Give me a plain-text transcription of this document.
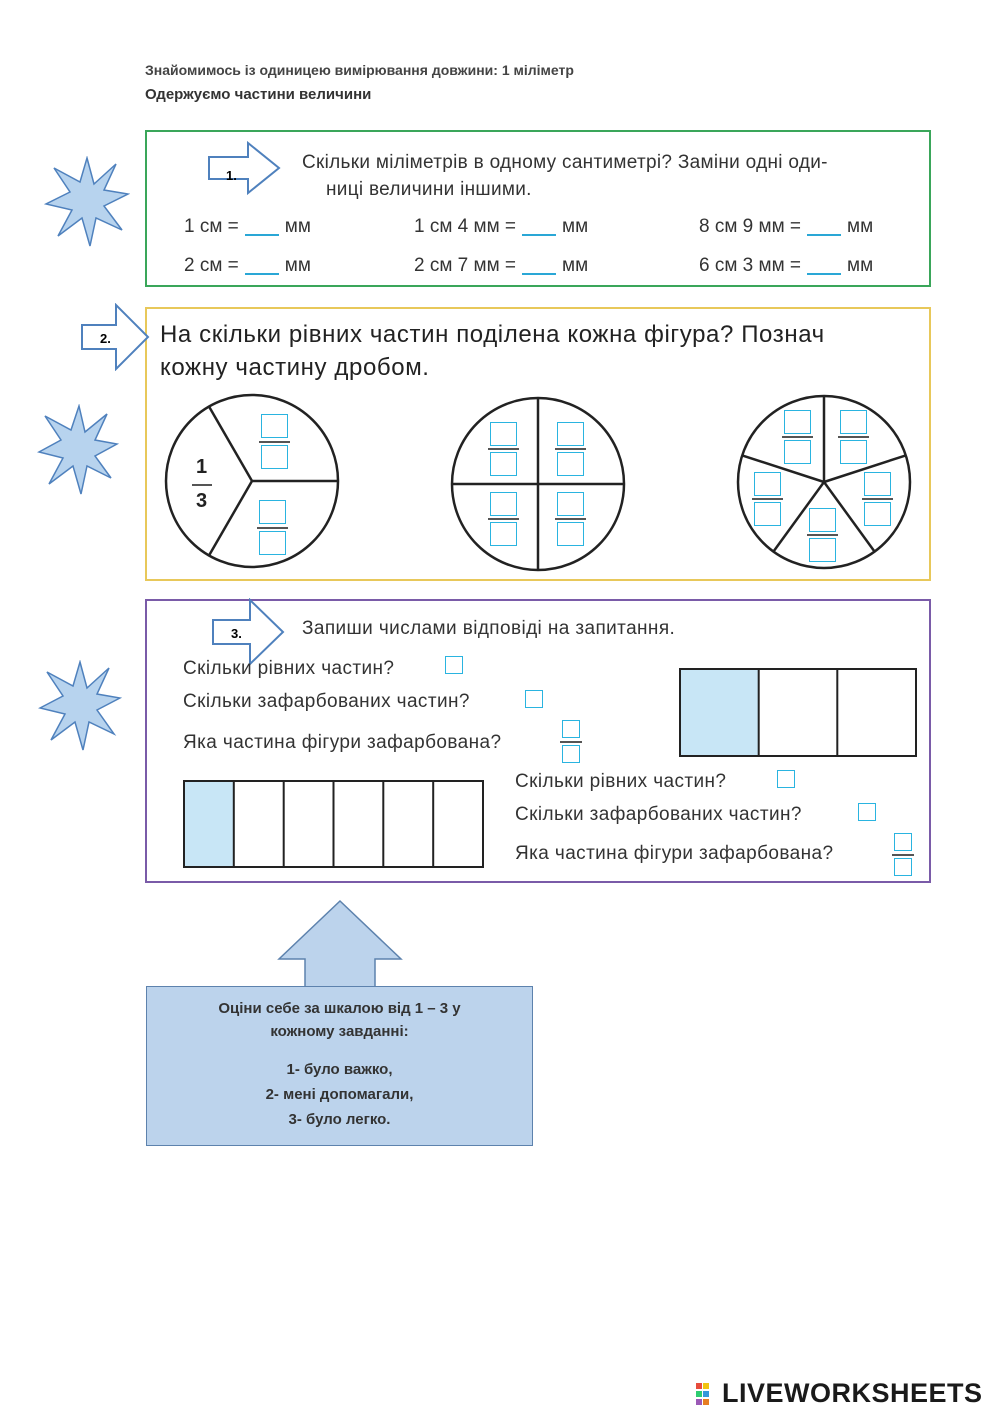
Знайомимось із одиницею вимірювання довжини: 1 міліметр
Одержуємо частини величини
1.
Скільки міліметрів в одному сантиметрі? Заміни одні оди-
ниці величини іншими.
1 см = мм	1 см 4 мм = мм	8 см 9 мм = мм
2 см = мм	2 см 7 мм = мм	6 см 3 мм = мм
2. На скільки рівних частин поділена кожна фігура? Познач
кожну частину дробом.
1
3
3.	Запиши числами відповіді на запитання.
Скільки рівних частин?
Скільки зафарбованих частин?
Яка частина фігури зафарбована?
Скільки рівних частин?
Скільки зафарбованих частин?
Яка частина фігури зафарбована?
Оціни себе за шкалою від 1 – 3 у кожному завданні:
1- було важко,
2- мені допомагали,
3- було легко.
LIVEWORKSHEETS
